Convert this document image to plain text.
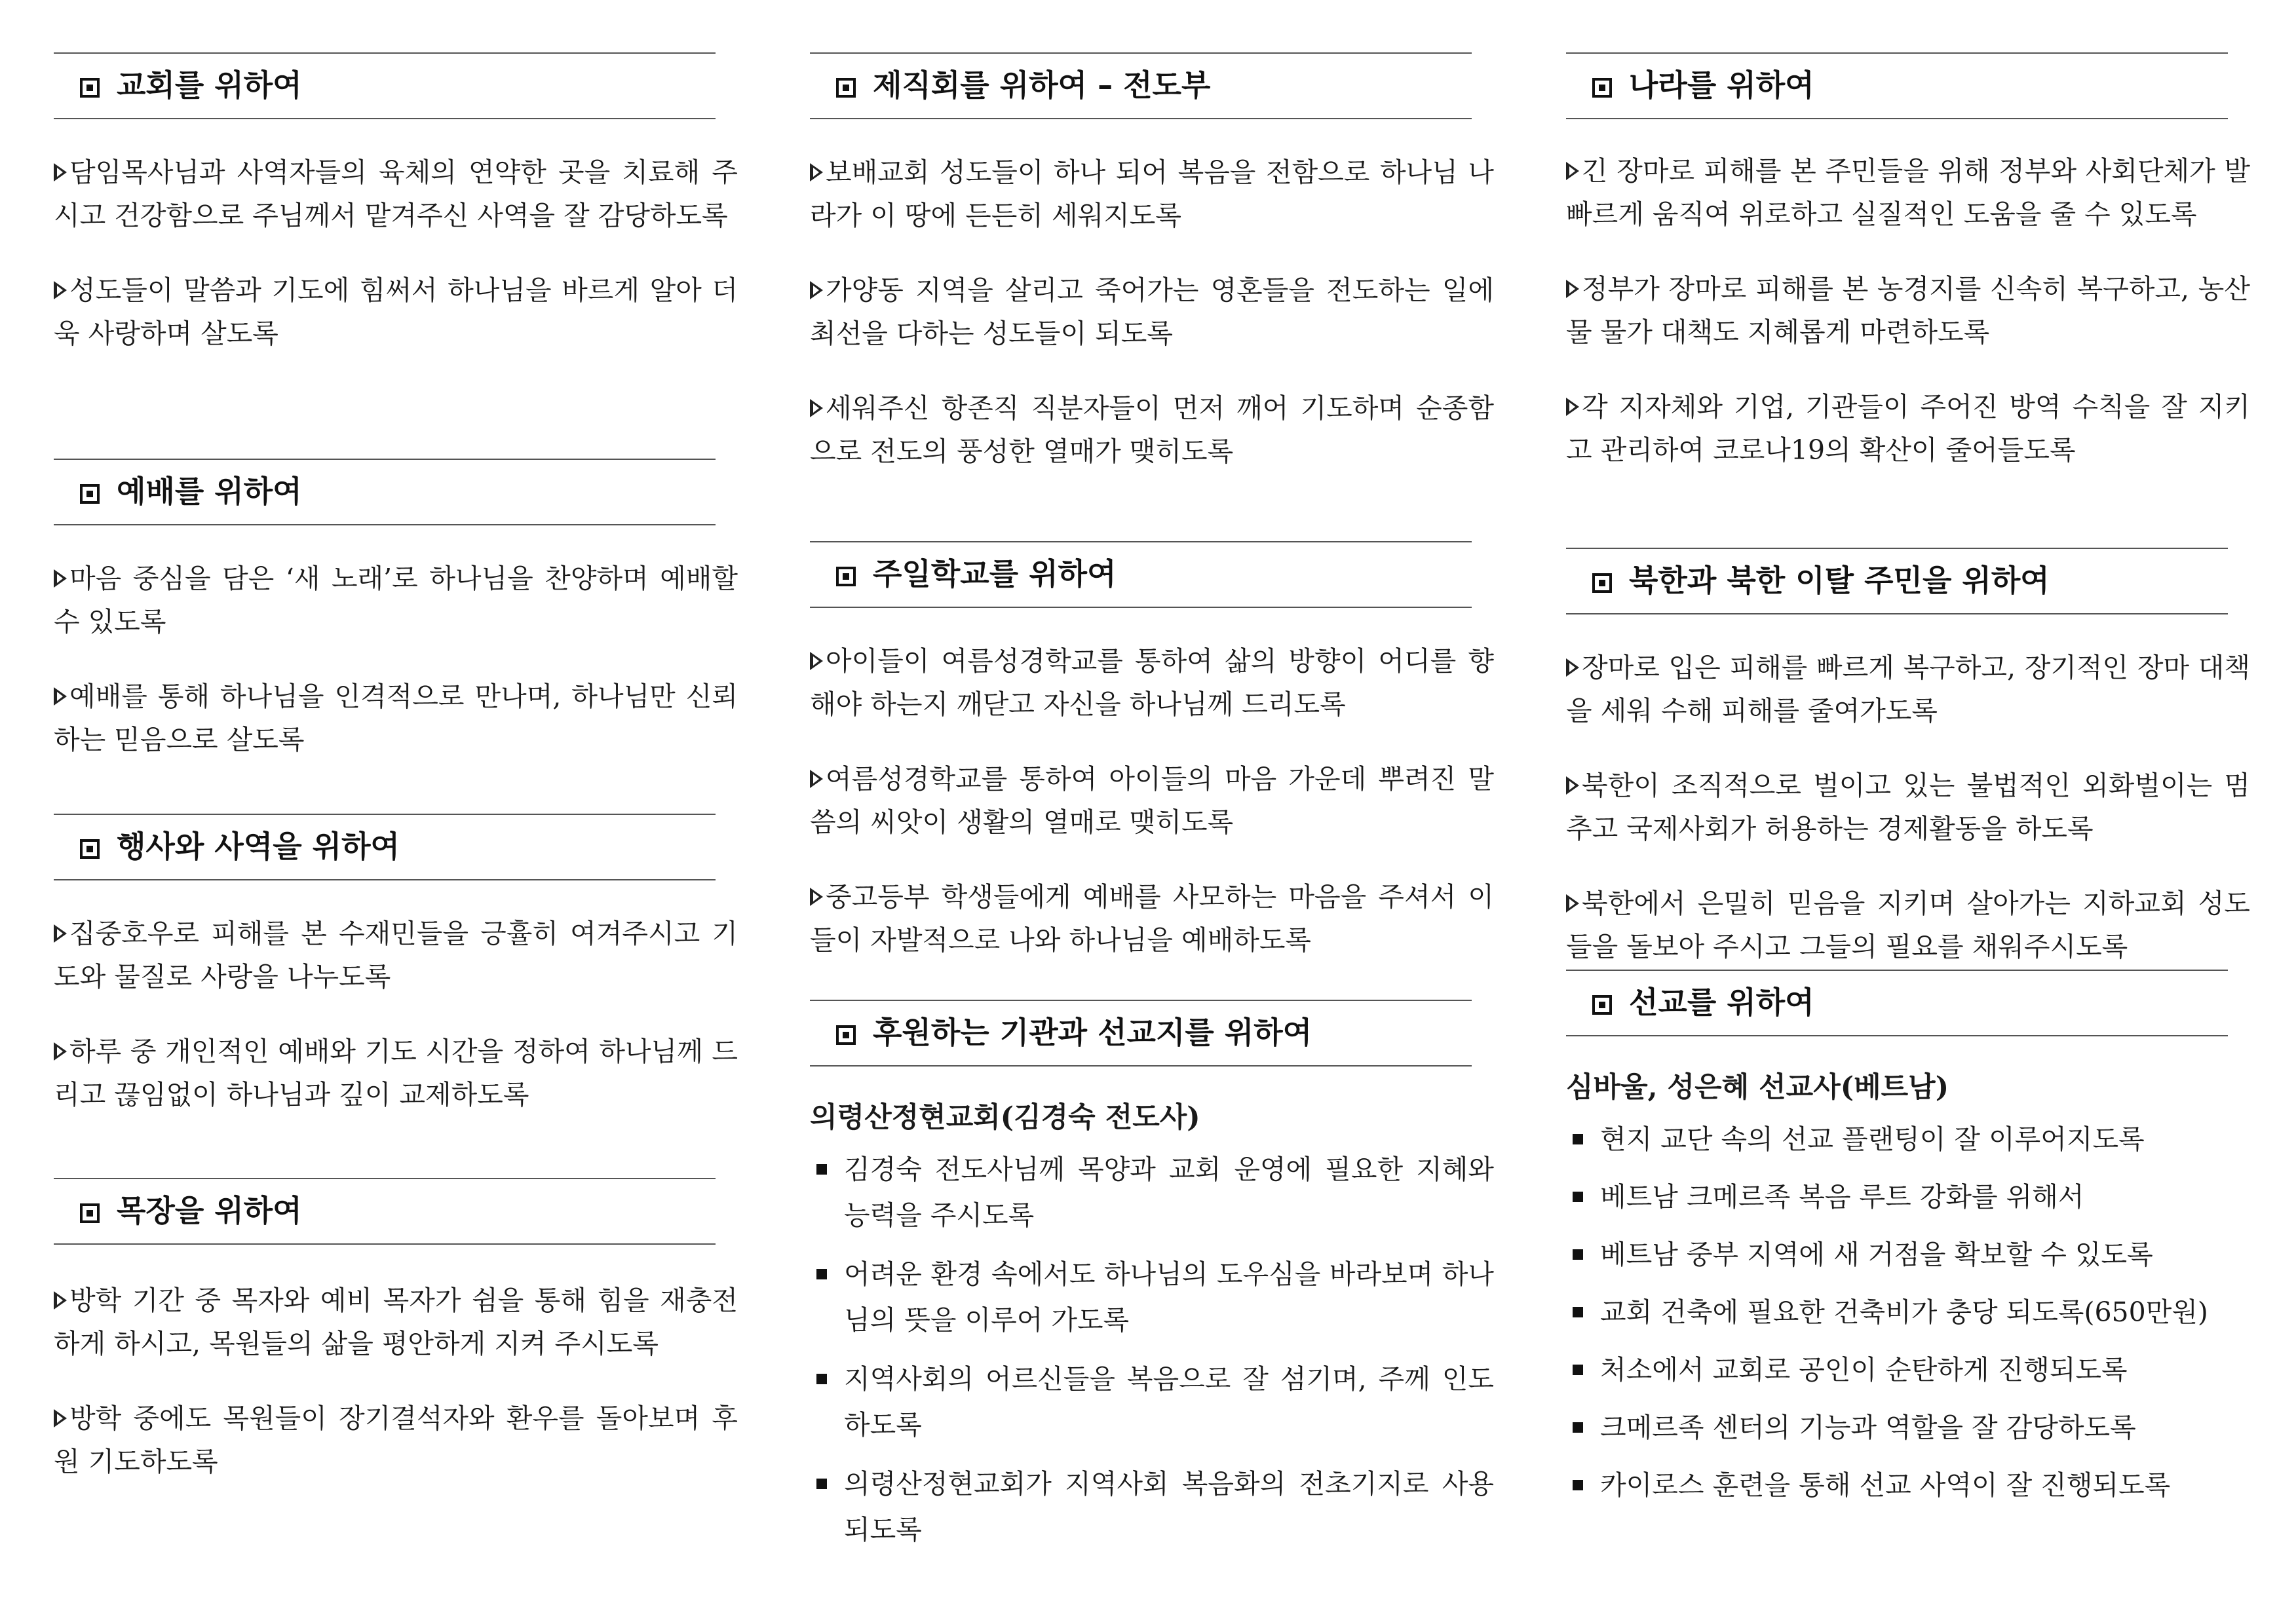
교회를 위하여
담임목사님과 사역자들의 육체의 연약한 곳을 치료해 주시고 건강함으로 주님께서 맡겨주신 사역을 잘 감당하도록
성도들이 말씀과 기도에 힘써서 하나님을 바르게 알아 더욱 사랑하며 살도록
예배를 위하여
마음 중심을 담은 ‘새 노래’로 하나님을 찬양하며 예배할 수 있도록
예배를 통해 하나님을 인격적으로 만나며, 하나님만 신뢰하는 믿음으로 살도록
행사와 사역을 위하여
집중호우로 피해를 본 수재민들을 긍휼히 여겨주시고 기도와 물질로 사랑을 나누도록
하루 중 개인적인 예배와 기도 시간을 정하여 하나님께 드리고 끊임없이 하나님과 깊이 교제하도록
목장을 위하여
방학 기간 중 목자와 예비 목자가 쉼을 통해 힘을 재충전하게 하시고, 목원들의 삶을 평안하게 지켜 주시도록
방학 중에도 목원들이 장기결석자와 환우를 돌아보며 후원 기도하도록
제직회를 위하여 – 전도부
보배교회 성도들이 하나 되어 복음을 전함으로 하나님 나라가 이 땅에 든든히 세워지도록
가양동 지역을 살리고 죽어가는 영혼들을 전도하는 일에 최선을 다하는 성도들이 되도록
세워주신 항존직 직분자들이 먼저 깨어 기도하며 순종함으로 전도의 풍성한 열매가 맺히도록
주일학교를 위하여
아이들이 여름성경학교를 통하여 삶의 방향이 어디를 향해야 하는지 깨닫고 자신을 하나님께 드리도록
여름성경학교를 통하여 아이들의 마음 가운데 뿌려진 말씀의 씨앗이 생활의 열매로 맺히도록
중고등부 학생들에게 예배를 사모하는 마음을 주셔서 이들이 자발적으로 나와 하나님을 예배하도록
후원하는 기관과 선교지를 위하여
의령산정현교회(김경숙 전도사)
김경숙 전도사님께 목양과 교회 운영에 필요한 지혜와 능력을 주시도록
어려운 환경 속에서도 하나님의 도우심을 바라보며 하나님의 뜻을 이루어 가도록
지역사회의 어르신들을 복음으로 잘 섬기며, 주께 인도하도록
의령산정현교회가 지역사회 복음화의 전초기지로 사용되도록
나라를 위하여
긴 장마로 피해를 본 주민들을 위해 정부와 사회단체가 발 빠르게 움직여 위로하고 실질적인 도움을 줄 수 있도록
정부가 장마로 피해를 본 농경지를 신속히 복구하고, 농산물 물가 대책도 지혜롭게 마련하도록
각 지자체와 기업, 기관들이 주어진 방역 수칙을 잘 지키고 관리하여 코로나19의 확산이 줄어들도록
북한과 북한 이탈 주민을 위하여
장마로 입은 피해를 빠르게 복구하고, 장기적인 장마 대책을 세워 수해 피해를 줄여가도록
북한이 조직적으로 벌이고 있는 불법적인 외화벌이는 멈추고 국제사회가 허용하는 경제활동을 하도록
북한에서 은밀히 믿음을 지키며 살아가는 지하교회 성도들을 돌보아 주시고 그들의 필요를 채워주시도록
선교를 위하여
심바울, 성은혜 선교사(베트남)
현지 교단 속의 선교 플랜팅이 잘 이루어지도록
베트남 크메르족 복음 루트 강화를 위해서
베트남 중부 지역에 새 거점을 확보할 수 있도록
교회 건축에 필요한 건축비가 충당 되도록(650만원)
처소에서 교회로 공인이 순탄하게 진행되도록
크메르족 센터의 기능과 역할을 잘 감당하도록
카이로스 훈련을 통해 선교 사역이 잘 진행되도록
